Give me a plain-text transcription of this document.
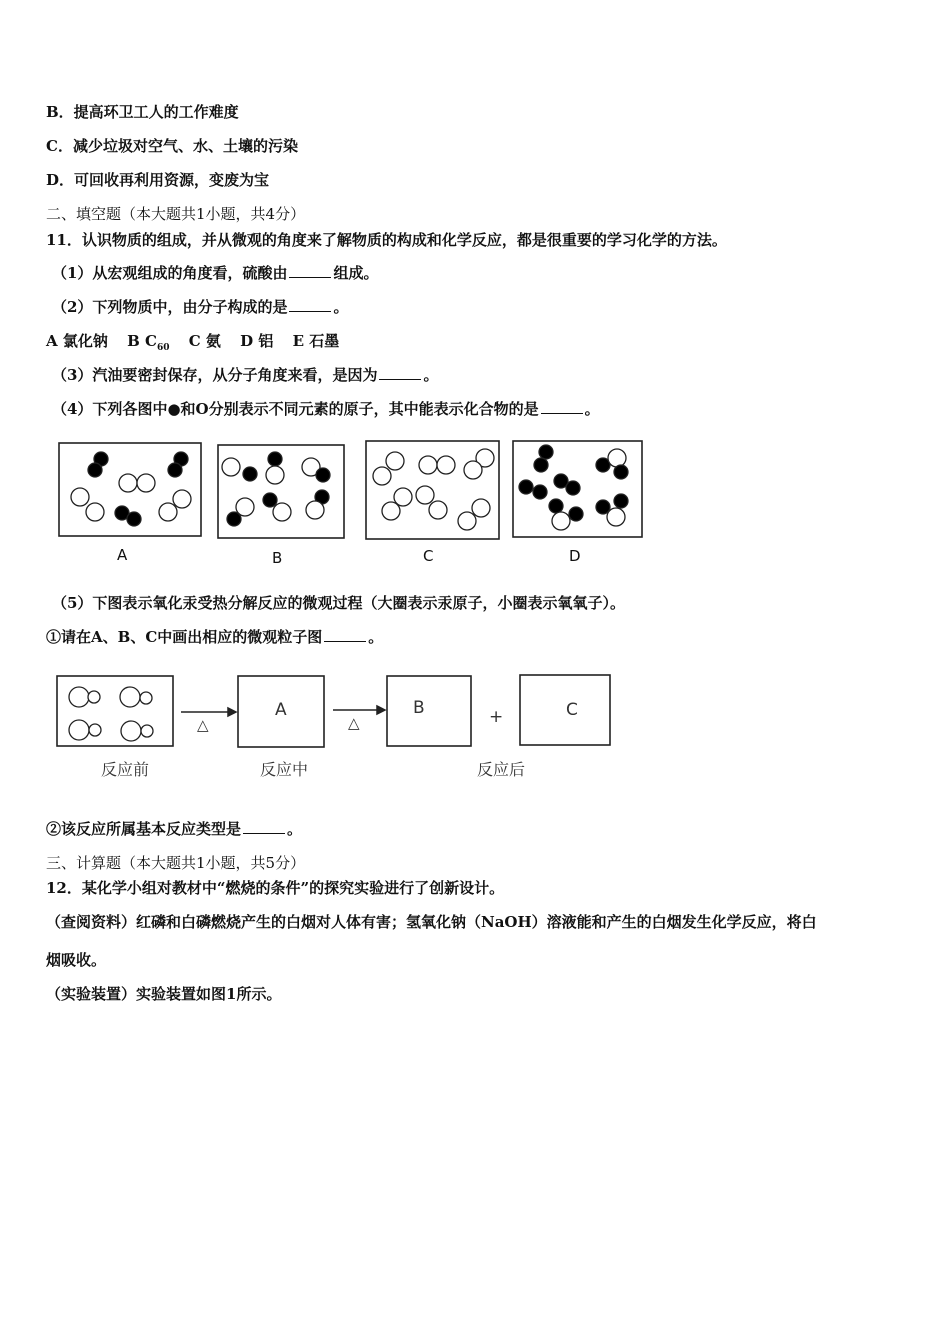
B．提高环卫工人的工作难度
C．减少垃圾对空气、水、土壤的污染
D．可回收再利用资源，变废为宝
二、填空题（本大题共1小题，共4分）
11．认识物质的组成，并从微观的角度来了解物质的构成和化学反应，都是很重要的学习化学的方法。
（1）从宏观组成的角度看，硫酸由	组成。
（2）下列物质中，由分子构成的是	。
A 氯化钠 B $C_{60}$ C 氨 D 铝 E 石墨
（3）汽油要密封保存，从分子角度来看，是因为	。
（4）下列各图中●和O分别表示不同元素的原子，其中能表示化合物的是	。
A	B	C	D
（5）下图表示氧化汞受热分解反应的微观过程（大圈表示汞原子，小圈表示氧氧子）。
①请在A、B、C中画出相应的微观粒子图	。
△	△
A	B	+	C
反应前	反应中	反应后
②该反应所属基本反应类型是	。
三、计算题（本大题共1小题，共5分）
12．某化学小组对教材中“燃烧的条件”的探究实验进行了创新设计。
（查阅资料）红磷和白磷燃烧产生的白烟对人体有害；氢氧化钠（NaOH）溶液能和产生的白烟发生化学反应，将白
烟吸收。
（实验装置）实验装置如图1所示。
